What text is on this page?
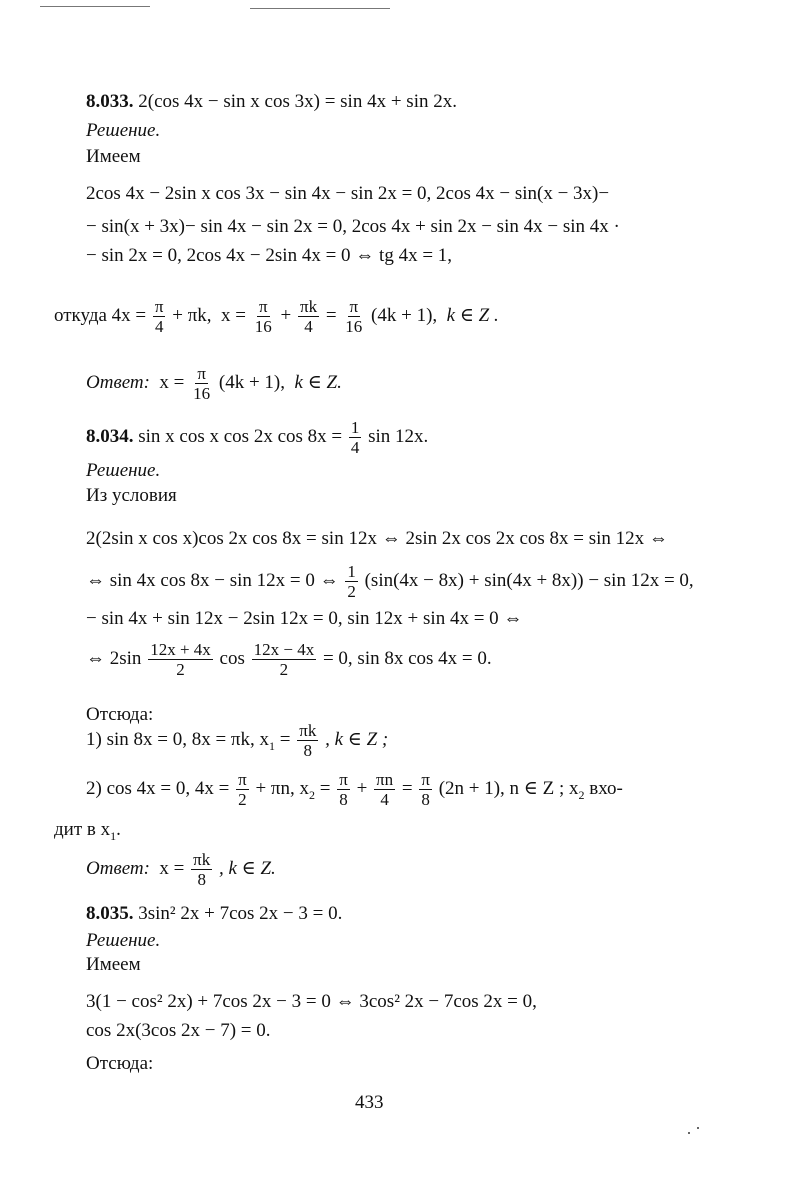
8.033. 2(cos 4x − sin x cos 3x) = sin 4x + sin 2x.
Решение.
Имеем
2cos 4x − 2sin x cos 3x − sin 4x − sin 2x = 0, 2cos 4x − sin(x − 3x)−
− sin(x + 3x)− sin 4x − sin 2x = 0, 2cos 4x + sin 2x − sin 4x − sin 4x ·
− sin 2x = 0, 2cos 4x − 2sin 4x = 0 ⇔ tg 4x = 1,
откуда $4x = \frac{\pi}{4} + \pi k$, $x = \frac{\pi}{16} + \frac{\pi k}{4} = \frac{\pi}{16} (4k + 1)$, k ∈ Z .
Ответ: $x = \frac{\pi}{16} (4k + 1)$, k ∈ Z.
8.034. sin x cos x cos 2x $\cos 8x = \frac{1}{4}$ sin 12x.
Решение.
Из условия
2(2sin x cos x)cos 2x cos 8x = sin 12x ⇔ 2sin 2x cos 2x cos 8x = sin 12x ⇔
⇔ sin 4x cos 8x − sin 12x = 0 ⇔ $\frac{1}{2} (\sin(4x - 8x) + \sin(4x + 8x)) - \sin 12x = 0$,
− sin 4x + sin 12x − 2sin 12x = 0, sin 12x + sin 4x = 0 ⇔
⇔ $2\sin \frac{12x + 4x}{2}$ $\cos \frac{12x - 4x}{2} = 0$, sin 8x cos 4x = 0.
Отсюда:
1) sin 8x = 0, 8x = πk, $x_1 = \frac{\pi k}{8}$ , k ∈ Z ;
2) cos 4x = 0, $4x = \frac{\pi}{2} + \pi n$, $x_2 = \frac{\pi}{8} + \frac{\pi n}{4} = \frac{\pi}{8} (2n + 1)$, n ∈ Z ; $x_2$ вхо-
дит в $x_1$.
Ответ: $x = \frac{\pi k}{8}$ , k ∈ Z.
8.035. 3sin² 2x + 7cos 2x − 3 = 0.
Решение.
Имеем
3(1 − cos² 2x) + 7cos 2x − 3 = 0 ⇔ 3cos² 2x − 7cos 2x = 0,
cos 2x(3cos 2x − 7) = 0.
Отсюда:
433
